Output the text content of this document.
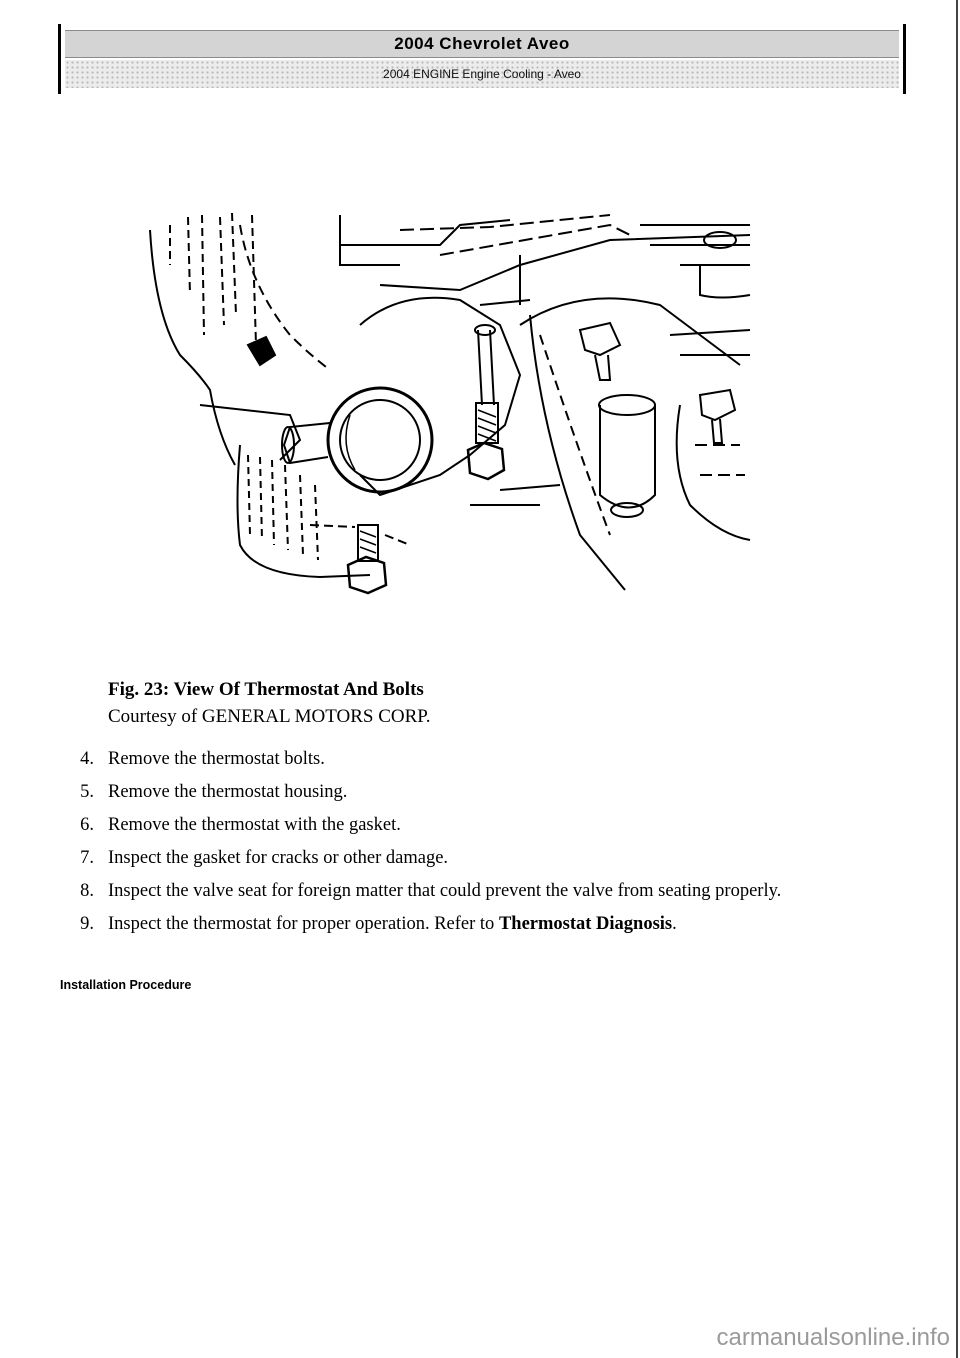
2004 Chevrolet Aveo
2004 ENGINE Engine Cooling - Aveo
Fig. 23: View Of Thermostat And Bolts
Courtesy of GENERAL MOTORS CORP.
4. Remove the thermostat bolts.
5. Remove the thermostat housing.
6. Remove the thermostat with the gasket.
7. Inspect the gasket for cracks or other damage.
8. Inspect the valve seat for foreign matter that could prevent the valve from seating properly.
9. Inspect the thermostat for proper operation. Refer to Thermostat Diagnosis.
Installation Procedure
carmanualsonline.info
